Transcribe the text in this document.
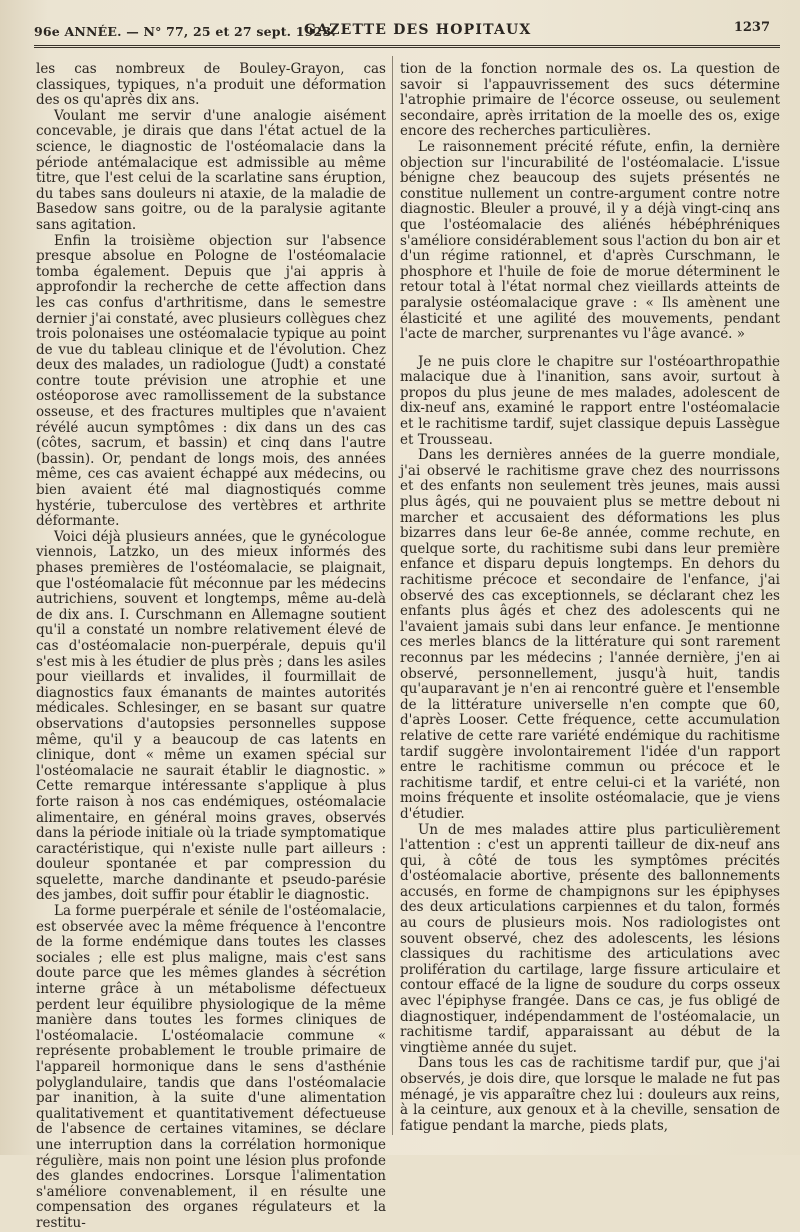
96e ANNÉE. — N° 77, 25 et 27 sept. 1923.
GAZETTE DES HOPITAUX	1237

les cas nombreux de Bouley-Grayon, cas classiques, typiques, n'a produit une déformation des os qu'après dix ans.

Voulant me servir d'une analogie aisément concevable, je dirais que dans l'état actuel de la science, le diagnostic de l'ostéomalacie dans la période antémalacique est admissible au même titre, que l'est celui de la scarlatine sans éruption, du tabes sans douleurs ni ataxie, de la maladie de Basedow sans goitre, ou de la paralysie agitante sans agitation.

Enfin la troisième objection sur l'absence presque absolue en Pologne de l'ostéomalacie tomba également. Depuis que j'ai appris à approfondir la recherche de cette affection dans les cas confus d'arthritisme, dans le semestre dernier j'ai constaté, avec plusieurs collègues chez trois polonaises une ostéomalacie typique au point de vue du tableau clinique et de l'évolution. Chez deux des malades, un radiologue (Judt) a constaté contre toute prévision une atrophie et une ostéoporose avec ramollissement de la substance osseuse, et des fractures multiples que n'avaient révélé aucun symptômes : dix dans un des cas (côtes, sacrum, et bassin) et cinq dans l'autre (bassin). Or, pendant de longs mois, des années même, ces cas avaient échappé aux médecins, ou bien avaient été mal diagnostiqués comme hystérie, tuberculose des vertèbres et arthrite déformante.

Voici déjà plusieurs années, que le gynécologue viennois, Latzko, un des mieux informés des phases premières de l'ostéomalacie, se plaignait, que l'ostéomalacie fût méconnue par les médecins autrichiens, souvent et longtemps, même au-delà de dix ans. I. Curschmann en Allemagne soutient qu'il a constaté un nombre relativement élevé de cas d'ostéomalacie non-puerpérale, depuis qu'il s'est mis à les étudier de plus près ; dans les asiles pour vieillards et invalides, il fourmillait de diagnostics faux émanants de maintes autorités médicales. Schlesinger, en se basant sur quatre observations d'autopsies personnelles suppose même, qu'il y a beaucoup de cas latents en clinique, dont « même un examen spécial sur l'ostéomalacie ne saurait établir le diagnostic. » Cette remarque intéressante s'applique à plus forte raison à nos cas endémiques, ostéomalacie alimentaire, en général moins graves, observés dans la période initiale où la triade symptomatique caractéristique, qui n'existe nulle part ailleurs : douleur spontanée et par compression du squelette, marche dandinante et pseudo-parésie des jambes, doit suffir pour établir le diagnostic.

La forme puerpérale et sénile de l'ostéomalacie, est observée avec la même fréquence à l'encontre de la forme endémique dans toutes les classes sociales ; elle est plus maligne, mais c'est sans doute parce que les mêmes glandes à sécrétion interne grâce à un métabolisme défectueux perdent leur équilibre physiologique de la même manière dans toutes les formes cliniques de l'ostéomalacie. L'ostéomalacie commune « représente probablement le trouble primaire de l'appareil hormonique dans le sens d'asthénie polyglandulaire, tandis que dans l'ostéomalacie par inanition, à la suite d'une alimentation qualitativement et quantitativement défectueuse de l'absence de certaines vitamines, se déclare une interruption dans la corrélation hormonique régulière, mais non point une lésion plus profonde des glandes endocrines. Lorsque l'alimentation s'améliore convenablement, il en résulte une compensation des organes régulateurs et la restitu-

tion de la fonction normale des os. La question de savoir si l'appauvrissement des sucs détermine l'atrophie primaire de l'écorce osseuse, ou seulement secondaire, après irritation de la moelle des os, exige encore des recherches particulières.

Le raisonnement précité réfute, enfin, la dernière objection sur l'incurabilité de l'ostéomalacie. L'issue bénigne chez beaucoup des sujets présentés ne constitue nullement un contre-argument contre notre diagnostic. Bleuler a prouvé, il y a déjà vingt-cinq ans que l'ostéomalacie des aliénés hébéphréniques s'améliore considérablement sous l'action du bon air et d'un régime rationnel, et d'après Curschmann, le phosphore et l'huile de foie de morue déterminent le retour total à l'état normal chez vieillards atteints de paralysie ostéomalacique grave : « Ils amènent une élasticité et une agilité des mouvements, pendant l'acte de marcher, surprenantes vu l'âge avancé. »

Je ne puis clore le chapitre sur l'ostéoarthropathie malacique due à l'inanition, sans avoir, surtout à propos du plus jeune de mes malades, adolescent de dix-neuf ans, examiné le rapport entre l'ostéomalacie et le rachitisme tardif, sujet classique depuis Lassègue et Trousseau.

Dans les dernières années de la guerre mondiale, j'ai observé le rachitisme grave chez des nourrissons et des enfants non seulement très jeunes, mais aussi plus âgés, qui ne pouvaient plus se mettre debout ni marcher et accusaient des déformations les plus bizarres dans leur 6e-8e année, comme rechute, en quelque sorte, du rachitisme subi dans leur première enfance et disparu depuis longtemps. En dehors du rachitisme précoce et secondaire de l'enfance, j'ai observé des cas exceptionnels, se déclarant chez les enfants plus âgés et chez des adolescents qui ne l'avaient jamais subi dans leur enfance. Je mentionne ces merles blancs de la littérature qui sont rarement reconnus par les médecins ; l'année dernière, j'en ai observé, personnellement, jusqu'à huit, tandis qu'auparavant je n'en ai rencontré guère et l'ensemble de la littérature universelle n'en compte que 60, d'après Looser. Cette fréquence, cette accumulation relative de cette rare variété endémique du rachitisme tardif suggère involontairement l'idée d'un rapport entre le rachitisme commun ou précoce et le rachitisme tardif, et entre celui-ci et la variété, non moins fréquente et insolite ostéomalacie, que je viens d'étudier.

Un de mes malades attire plus particulièrement l'attention : c'est un apprenti tailleur de dix-neuf ans qui, à côté de tous les symptômes précités d'ostéomalacie abortive, présente des ballonnements accusés, en forme de champignons sur les épiphyses des deux articulations carpiennes et du talon, formés au cours de plusieurs mois. Nos radiologistes ont souvent observé, chez des adolescents, les lésions classiques du rachitisme des articulations avec prolifération du cartilage, large fissure articulaire et contour effacé de la ligne de soudure du corps osseux avec l'épiphyse frangée. Dans ce cas, je fus obligé de diagnostiquer, indépendamment de l'ostéomalacie, un rachitisme tardif, apparaissant au début de la vingtième année du sujet.

Dans tous les cas de rachitisme tardif pur, que j'ai observés, je dois dire, que lorsque le malade ne fut pas ménagé, je vis apparaître chez lui : douleurs aux reins, à la ceinture, aux genoux et à la cheville, sensation de fatigue pendant la marche, pieds plats,
